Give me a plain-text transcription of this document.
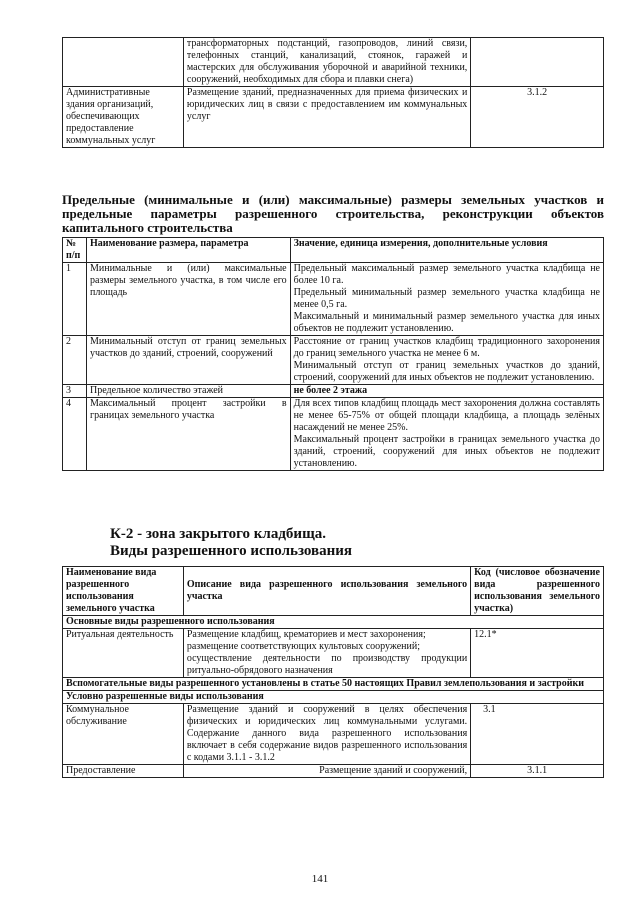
	трансформаторных подстанций, газопроводов, линий связи, телефонных станций, канализаций, стоянок, гаражей и мастерских для обслуживания уборочной и аварийной техники, сооружений, необходимых для сбора и плавки снега)	
Административные здания организаций, обеспечивающих предоставление коммунальных услуг	Размещение зданий, предназначенных для приема физических и юридических лиц в связи с предоставлением им коммунальных услуг	3.1.2
Предельные (минимальные и (или) максимальные) размеры земельных участков и предельные параметры разрешенного строительства, реконструкции объектов капитального строительства
№ п/п	Наименование размера, параметра	Значение, единица измерения, дополнительные условия
1	Минимальные и (или) максимальные размеры земельного участка, в том числе его площадь	Предельный максимальный размер земельного участка кладбища не более 10 га.

Предельный минимальный размер земельного участка кладбища не менее 0,5 га.

Максимальный и минимальный размер земельного участка для иных объектов не подлежит установлению.

2	Минимальный отступ от границ земельных участков до зданий, строений, сооружений	Расстояние от границ участков кладбищ традиционного захоронения до границ земельного участка не менее 6 м.

Минимальный отступ от границ земельных участков до зданий, строений, сооружений для иных объектов не подлежит установлению.

3	Предельное количество этажей	не более 2 этажа

4	Максимальный процент застройки в границах земельного участка	Для всех типов кладбищ площадь мест захоронения должна составлять не менее 65-75% от общей площади кладбища, а площадь зелёных насаждений не менее 25%.

Максимальный процент застройки в границах земельного участка до зданий, строений, сооружений для иных объектов не подлежит установлению.

К-2 - зона закрытого кладбища.
Виды разрешенного использования
Наименование вида разрешенного использования земельного участка	Описание вида разрешенного использования земельного участка	Код (числовое обозначение вида разрешенного использования земельного участка)
Основные виды разрешенного использования		
Ритуальная деятельность	Размещение кладбищ, крематориев и мест захоронения;

размещение соответствующих культовых сооружений;

осуществление деятельности по производству продукции ритуально-обрядового назначения	12.1*
Вспомогательные виды разрешенного установлены в статье 50 настоящих Правил землепользования и застройки		
Условно разрешенные виды использования		
Коммунальное обслуживание	Размещение зданий и сооружений в целях обеспечения физических и юридических лиц коммунальными услугами. Содержание данного вида разрешенного использования включает в себя содержание видов разрешенного использования с кодами 3.1.1 - 3.1.2	3.1
Предоставление	Размещение зданий и сооружений,	3.1.1
141
